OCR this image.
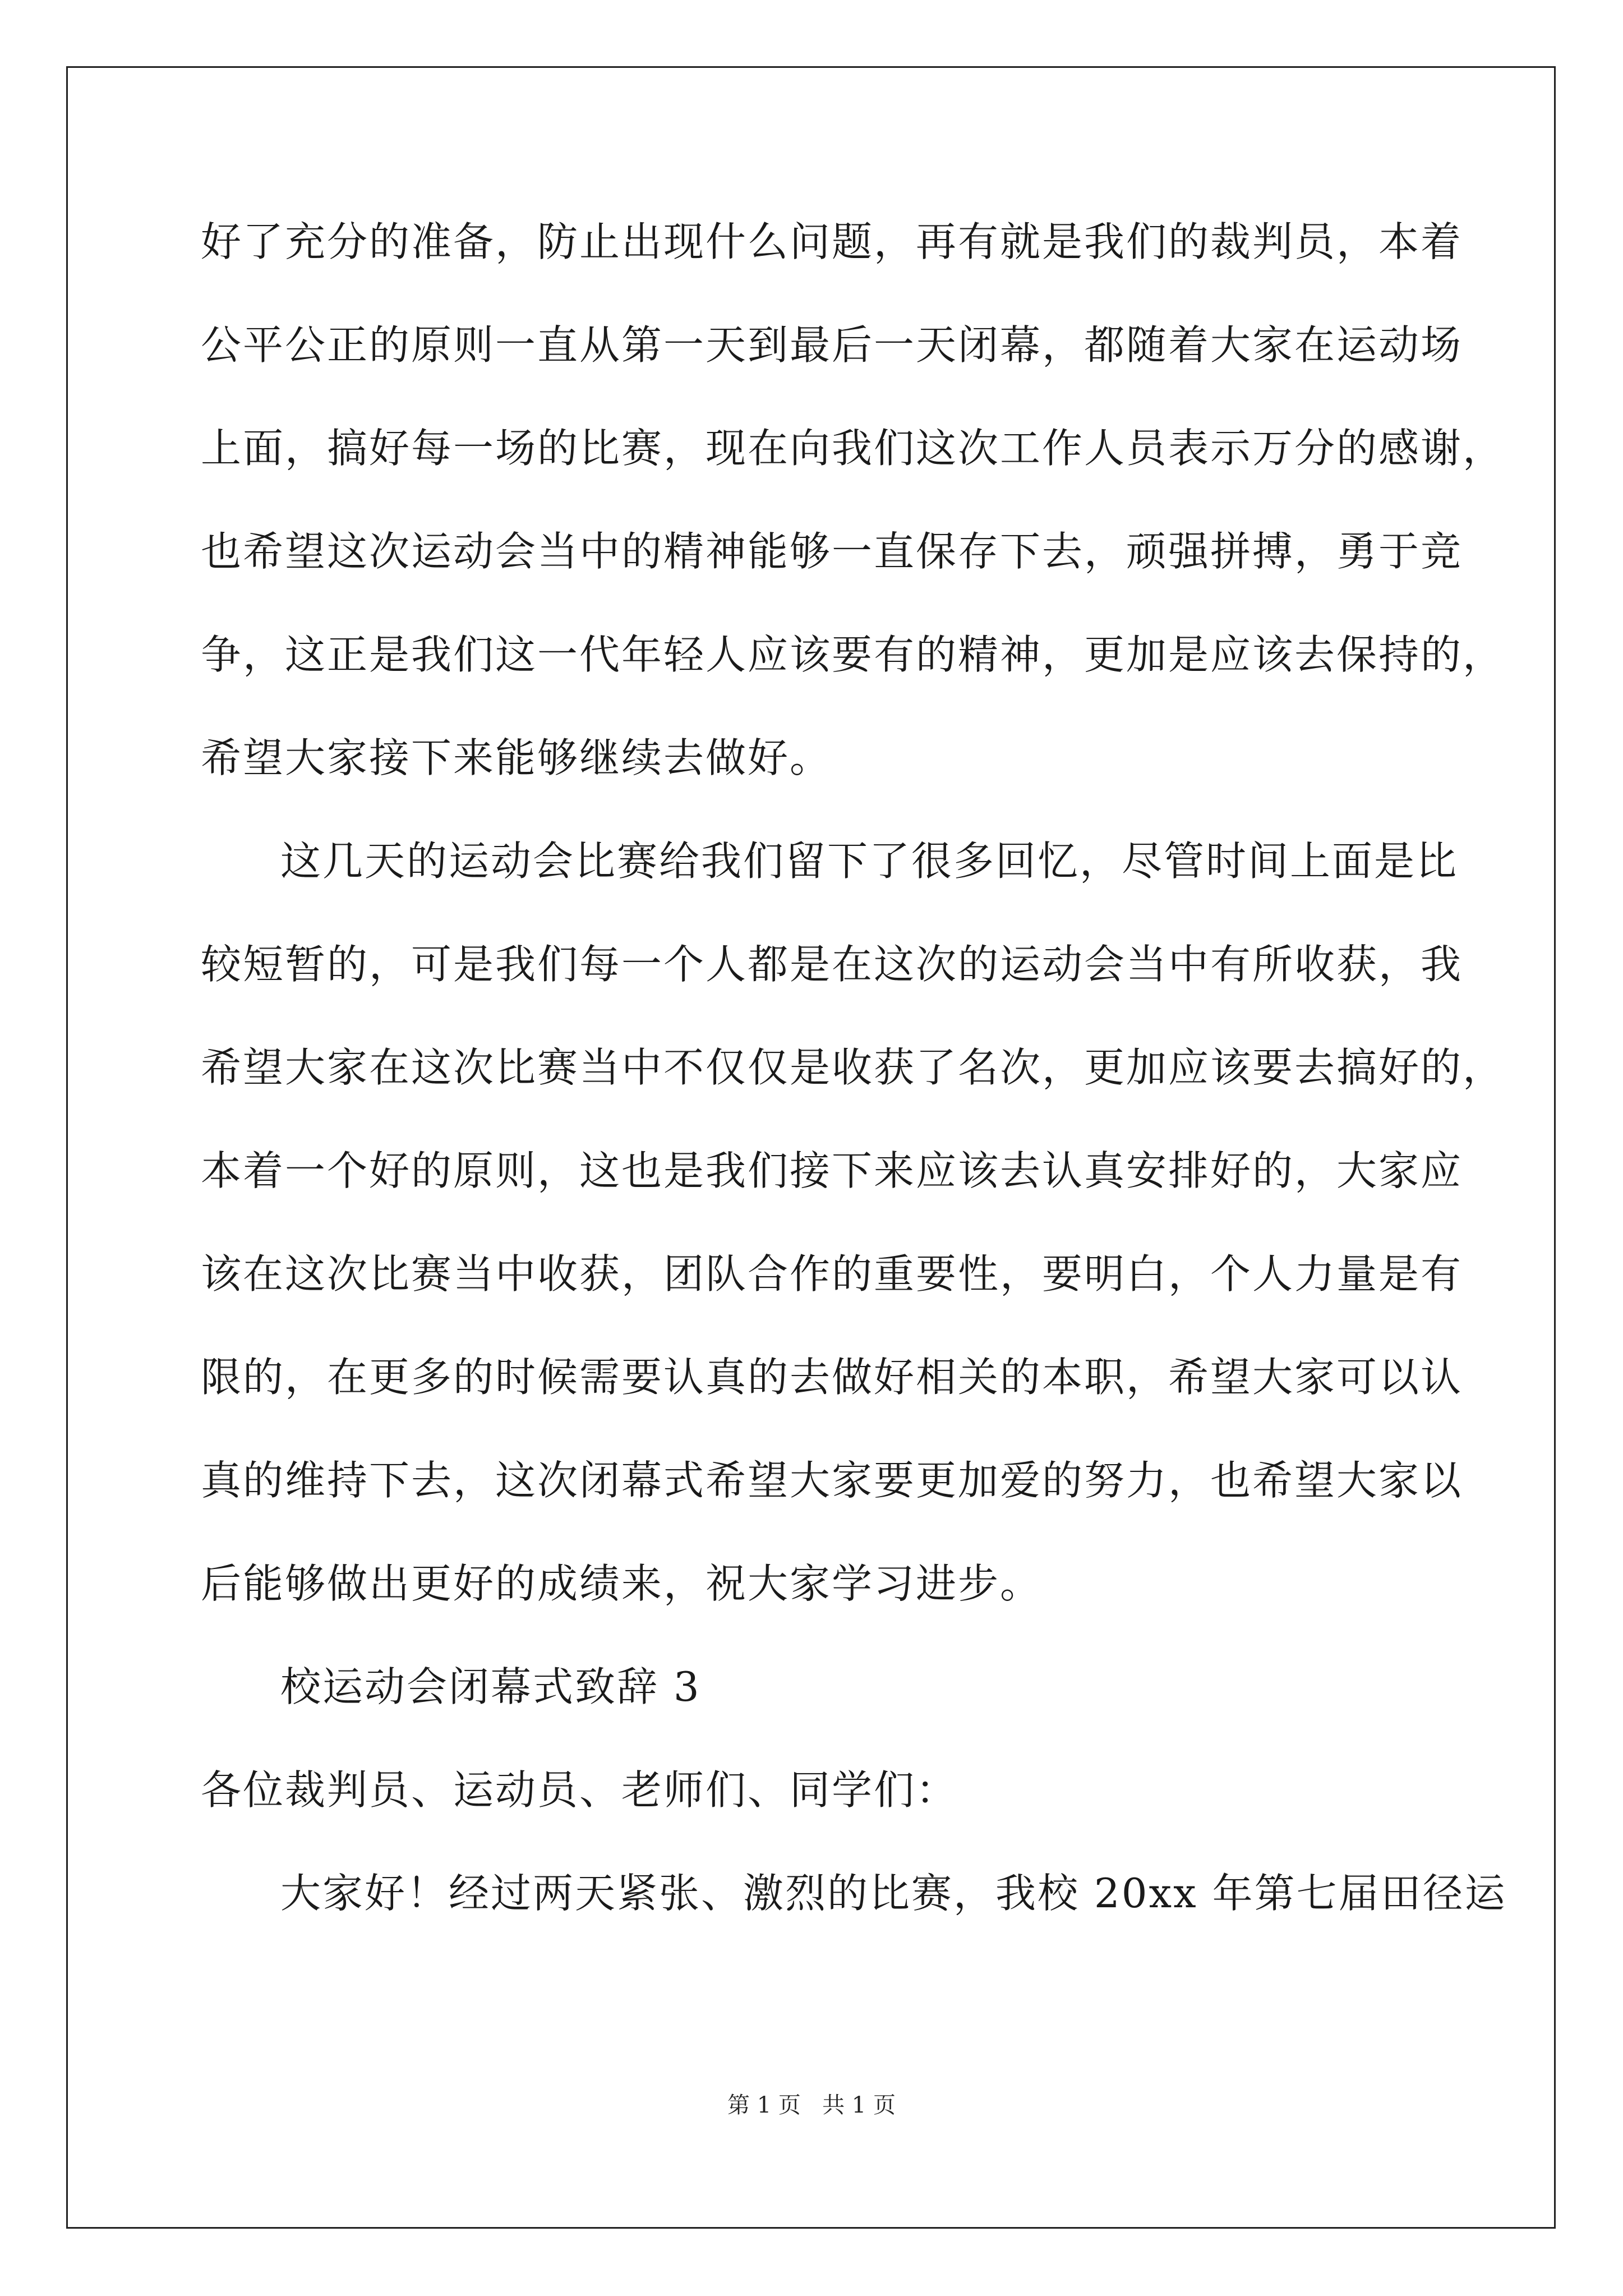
好了充分的准备，防止出现什么问题，再有就是我们的裁判员，本着
公平公正的原则一直从第一天到最后一天闭幕，都随着大家在运动场
上面，搞好每一场的比赛，现在向我们这次工作人员表示万分的感谢，
也希望这次运动会当中的精神能够一直保存下去，顽强拼搏，勇于竞
争，这正是我们这一代年轻人应该要有的精神，更加是应该去保持的，
希望大家接下来能够继续去做好。
这几天的运动会比赛给我们留下了很多回忆，尽管时间上面是比
较短暂的，可是我们每一个人都是在这次的运动会当中有所收获，我
希望大家在这次比赛当中不仅仅是收获了名次，更加应该要去搞好的，
本着一个好的原则，这也是我们接下来应该去认真安排好的，大家应
该在这次比赛当中收获，团队合作的重要性，要明白，个人力量是有
限的，在更多的时候需要认真的去做好相关的本职，希望大家可以认
真的维持下去，这次闭幕式希望大家要更加爱的努力，也希望大家以
后能够做出更好的成绩来，祝大家学习进步。
校运动会闭幕式致辞 3
各位裁判员、运动员、老师们、同学们：
大家好！经过两天紧张、激烈的比赛，我校 20xx 年第七届田径运
第 1 页   共 1 页
